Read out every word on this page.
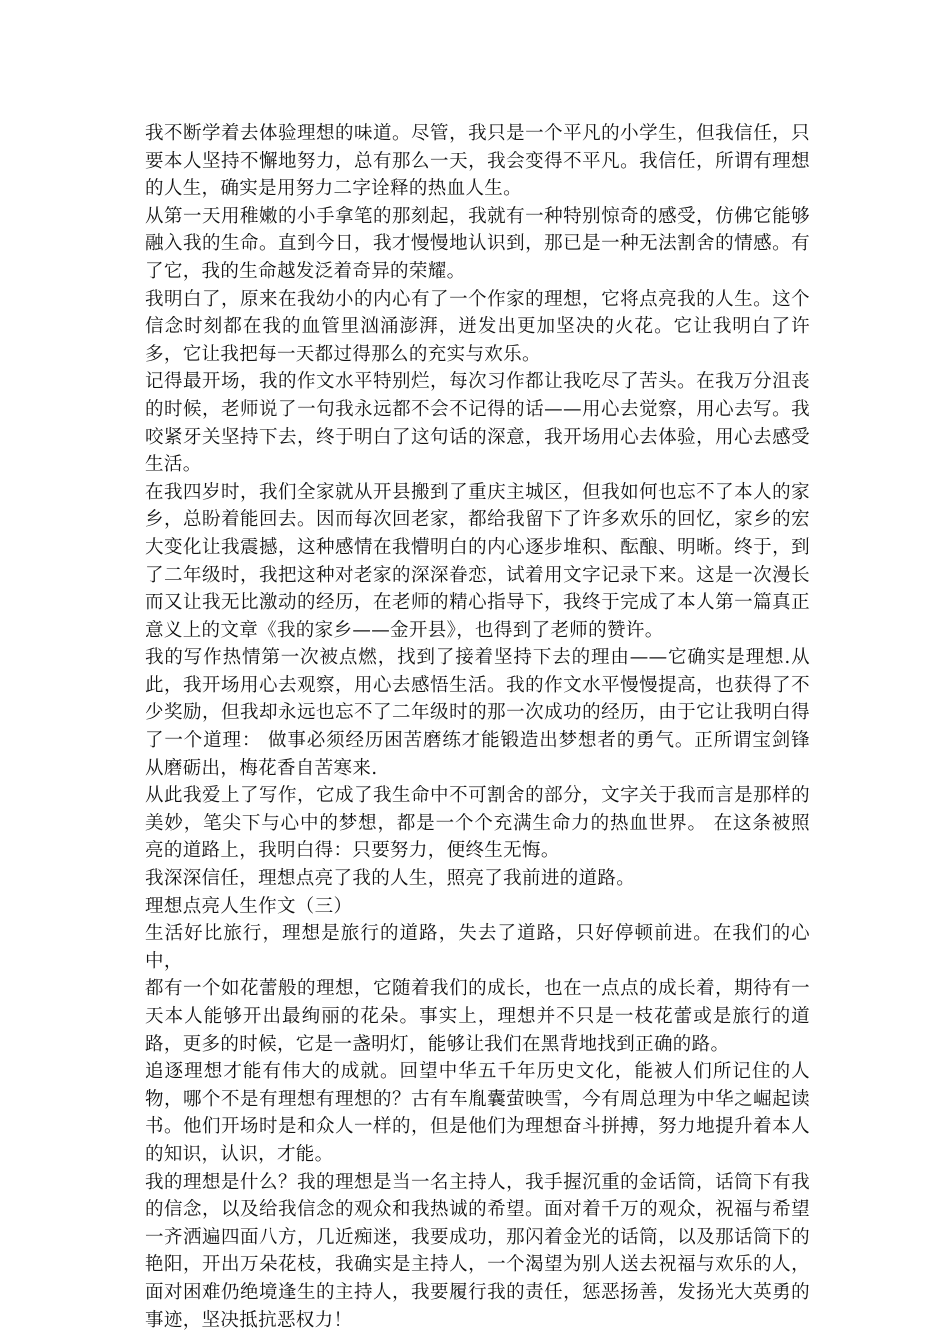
我不断学着去体验理想的味道。尽管，我只是一个平凡的小学生，但我信任，只要本人坚持不懈地努力，总有那么一天，我会变得不平凡。我信任，所谓有理想的人生，确实是用努力二字诠释的热血人生。

从第一天用稚嫩的小手拿笔的那刻起，我就有一种特别惊奇的感受，仿佛它能够融入我的生命。直到今日，我才慢慢地认识到，那已是一种无法割舍的情感。有了它，我的生命越发泛着奇异的荣耀。

我明白了，原来在我幼小的内心有了一个作家的理想，它将点亮我的人生。这个信念时刻都在我的血管里汹涌澎湃，迸发出更加坚决的火花。它让我明白了许多，它让我把每一天都过得那么的充实与欢乐。

记得最开场，我的作文水平特别烂，每次习作都让我吃尽了苦头。在我万分沮丧的时候，老师说了一句我永远都不会不记得的话——用心去觉察，用心去写。我咬紧牙关坚持下去，终于明白了这句话的深意，我开场用心去体验，用心去感受生活。

在我四岁时，我们全家就从开县搬到了重庆主城区，但我如何也忘不了本人的家乡，总盼着能回去。因而每次回老家，都给我留下了许多欢乐的回忆，家乡的宏大变化让我震撼，这种感情在我懵明白的内心逐步堆积、酝酿、明晰。终于，到了二年级时，我把这种对老家的深深眷恋，试着用文字记录下来。这是一次漫长而又让我无比激动的经历，在老师的精心指导下，我终于完成了本人第一篇真正意义上的文章《我的家乡——金开县》，也得到了老师的赞许。

我的写作热情第一次被点燃，找到了接着坚持下去的理由——它确实是理想.从此，我开场用心去观察，用心去感悟生活。我的作文水平慢慢提高，也获得了不少奖励，但我却永远也忘不了二年级时的那一次成功的经历，由于它让我明白得了一个道理： 做事必须经历困苦磨练才能锻造出梦想者的勇气。正所谓宝剑锋从磨砺出，梅花香自苦寒来.

从此我爱上了写作，它成了我生命中不可割舍的部分，文字关于我而言是那样的美妙，笔尖下与心中的梦想，都是一个个充满生命力的热血世界。 在这条被照亮的道路上，我明白得：只要努力，便终生无悔。

我深深信任，理想点亮了我的人生，照亮了我前进的道路。

理想点亮人生作文（三）

生活好比旅行，理想是旅行的道路，失去了道路，只好停顿前进。在我们的心中，

都有一个如花蕾般的理想，它随着我们的成长，也在一点点的成长着，期待有一天本人能够开出最绚丽的花朵。事实上，理想并不只是一枝花蕾或是旅行的道路，更多的时候，它是一盏明灯，能够让我们在黑背地找到正确的路。

追逐理想才能有伟大的成就。回望中华五千年历史文化，能被人们所记住的人物，哪个不是有理想有理想的？古有车胤囊萤映雪，今有周总理为中华之崛起读书。他们开场时是和众人一样的，但是他们为理想奋斗拼搏，努力地提升着本人的知识，认识，才能。

我的理想是什么？我的理想是当一名主持人，我手握沉重的金话筒，话筒下有我的信念，以及给我信念的观众和我热诚的希望。面对着千万的观众，祝福与希望一齐洒遍四面八方，几近痴迷，我要成功，那闪着金光的话筒，以及那话筒下的艳阳，开出万朵花枝，我确实是主持人，一个渴望为别人送去祝福与欢乐的人，面对困难仍绝境逢生的主持人，我要履行我的责任，惩恶扬善，发扬光大英勇的事迹，坚决抵抗恶权力！
